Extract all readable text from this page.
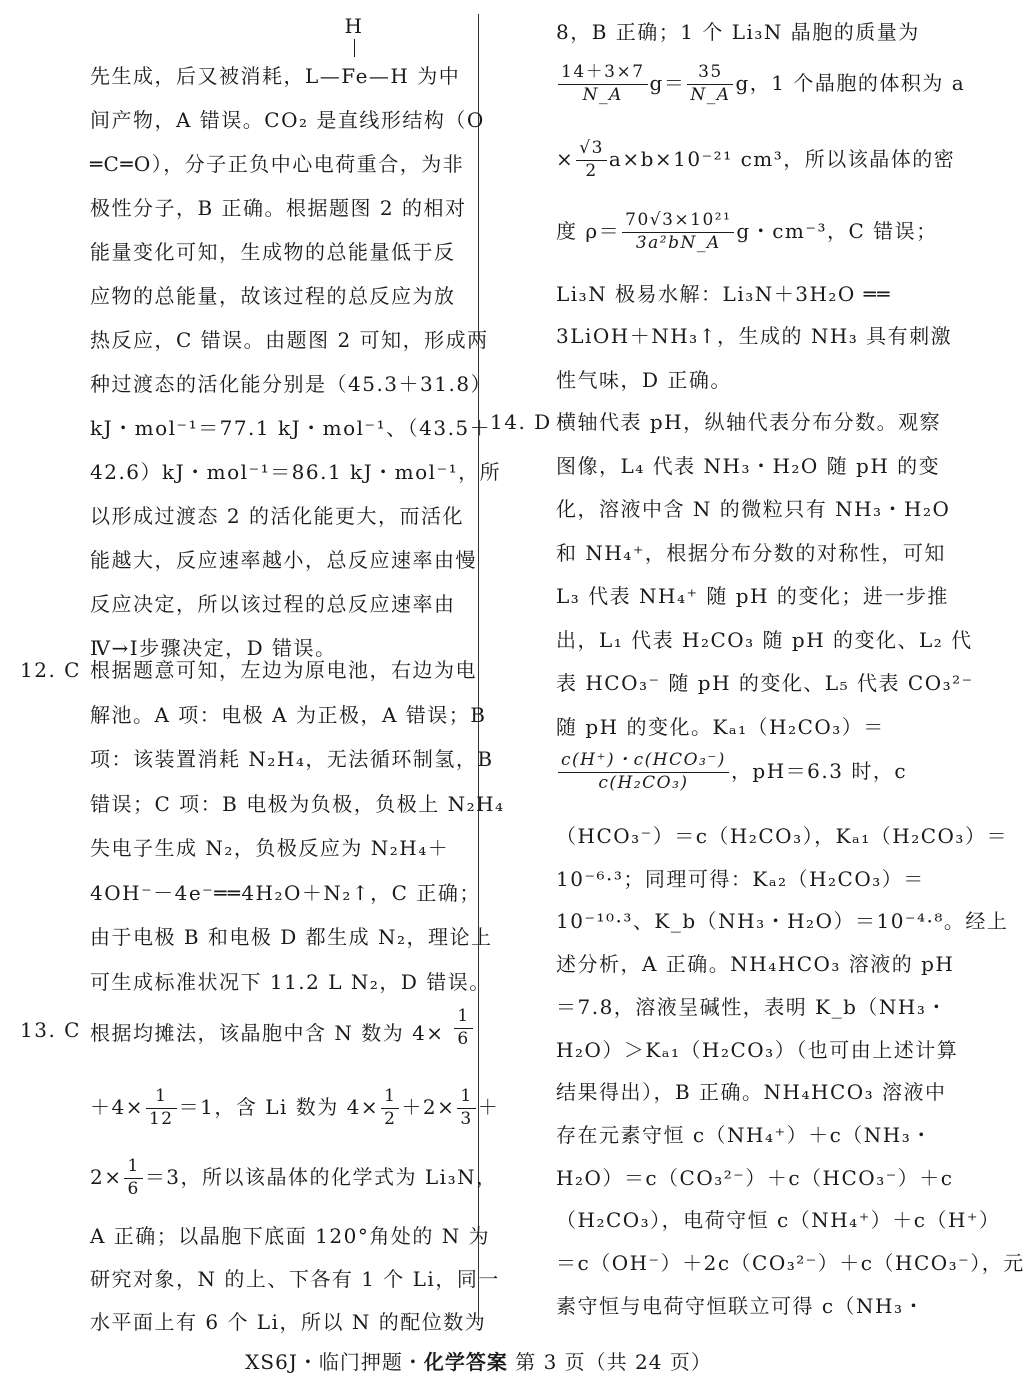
H
先生成，后又被消耗，L—Fe—H 为中
间产物，A 错误。CO₂ 是直线形结构（O
═C═O），分子正负中心电荷重合，为非
极性分子，B 正确。根据题图 2 的相对
能量变化可知，生成物的总能量低于反
应物的总能量，故该过程的总反应为放
热反应，C 错误。由题图 2 可知，形成两
种过渡态的活化能分别是（45.3＋31.8）
kJ・mol⁻¹＝77.1 kJ・mol⁻¹、（43.5＋
42.6）kJ・mol⁻¹＝86.1 kJ・mol⁻¹，所
以形成过渡态 2 的活化能更大，而活化
能越大，反应速率越小，总反应速率由慢
反应决定，所以该过程的总反应速率由
Ⅳ→Ⅰ步骤决定，D 错误。
12. C 根据题意可知，左边为原电池，右边为电
解池。A 项：电极 A 为正极，A 错误；B
项：该装置消耗 N₂H₄，无法循环制氢，B
错误；C 项：B 电极为负极，负极上 N₂H₄
失电子生成 N₂，负极反应为 N₂H₄＋
4OH⁻－4e⁻══4H₂O＋N₂↑，C 正确；
由于电极 B 和电极 D 都生成 N₂，理论上
可生成标准状况下 11.2 L N₂，D 错误。
13. C 根据均摊法，该晶胞中含 N 数为 $4\times \frac{1}{6}$
$+4\times \frac{1}{12} =1$，含 Li 数为 $4\times \frac{1}{2} +2\times \frac{1}{3}$ ＋
$2\times \frac{1}{6} =3$，所以该晶体的化学式为 Li₃N，
A 正确；以晶胞下底面 120°角处的 N 为
研究对象，N 的上、下各有 1 个 Li，同一
水平面上有 6 个 Li，所以 N 的配位数为
8，B 正确；1 个 Li₃N 晶胞的质量为
$\frac{14+3\times 7}{N\_A} g= \frac{35}{N\_A}$ g，1 个晶胞的体积为 a
× $\frac{√3}{2} a\times b\times 10^{-21}$ cm³，所以该晶体的密
度 $\rho= \frac{\text{70√3×10²¹}}{\text{3a²bN\_A}}$ g・cm⁻³，C 错误；
Li₃N 极易水解：Li₃N＋3H₂O ══
3LiOH＋NH₃↑，生成的 NH₃ 具有刺激
性气味，D 正确。
14. D 横轴代表 pH，纵轴代表分布分数。观察
图像，L₄ 代表 NH₃・H₂O 随 pH 的变
化，溶液中含 N 的微粒只有 NH₃・H₂O
和 NH₄⁺，根据分布分数的对称性，可知
L₃ 代表 NH₄⁺ 随 pH 的变化；进一步推
出，L₁ 代表 H₂CO₃ 随 pH 的变化、L₂ 代
表 HCO₃⁻ 随 pH 的变化、L₅ 代表 CO₃²⁻
随 pH 的变化。Kₐ₁（H₂CO₃）＝
$\frac{\text{c(H⁺)・c(HCO₃⁻)}}{\text{c(H₂CO₃)}}$ ，pH＝6.3 时，c
（HCO₃⁻）＝c（H₂CO₃），Kₐ₁（H₂CO₃）＝
10⁻⁶·³；同理可得：Kₐ₂（H₂CO₃）＝
10⁻¹⁰·³、K_b（NH₃・H₂O）＝10⁻⁴·⁸。经上
述分析，A 正确。NH₄HCO₃ 溶液的 pH
＝7.8，溶液呈碱性，表明 K_b（NH₃・
H₂O）＞Kₐ₁（H₂CO₃）（也可由上述计算
结果得出），B 正确。NH₄HCO₃ 溶液中
存在元素守恒 c（NH₄⁺）＋c（NH₃・
H₂O）＝c（CO₃²⁻）＋c（HCO₃⁻）＋c
（H₂CO₃），电荷守恒 c（NH₄⁺）＋c（H⁺）
＝c（OH⁻）＋2c（CO₃²⁻）＋c（HCO₃⁻），元
素守恒与电荷守恒联立可得 c（NH₃・
XS6J・临门押题・化学答案 第 3 页（共 24 页）
